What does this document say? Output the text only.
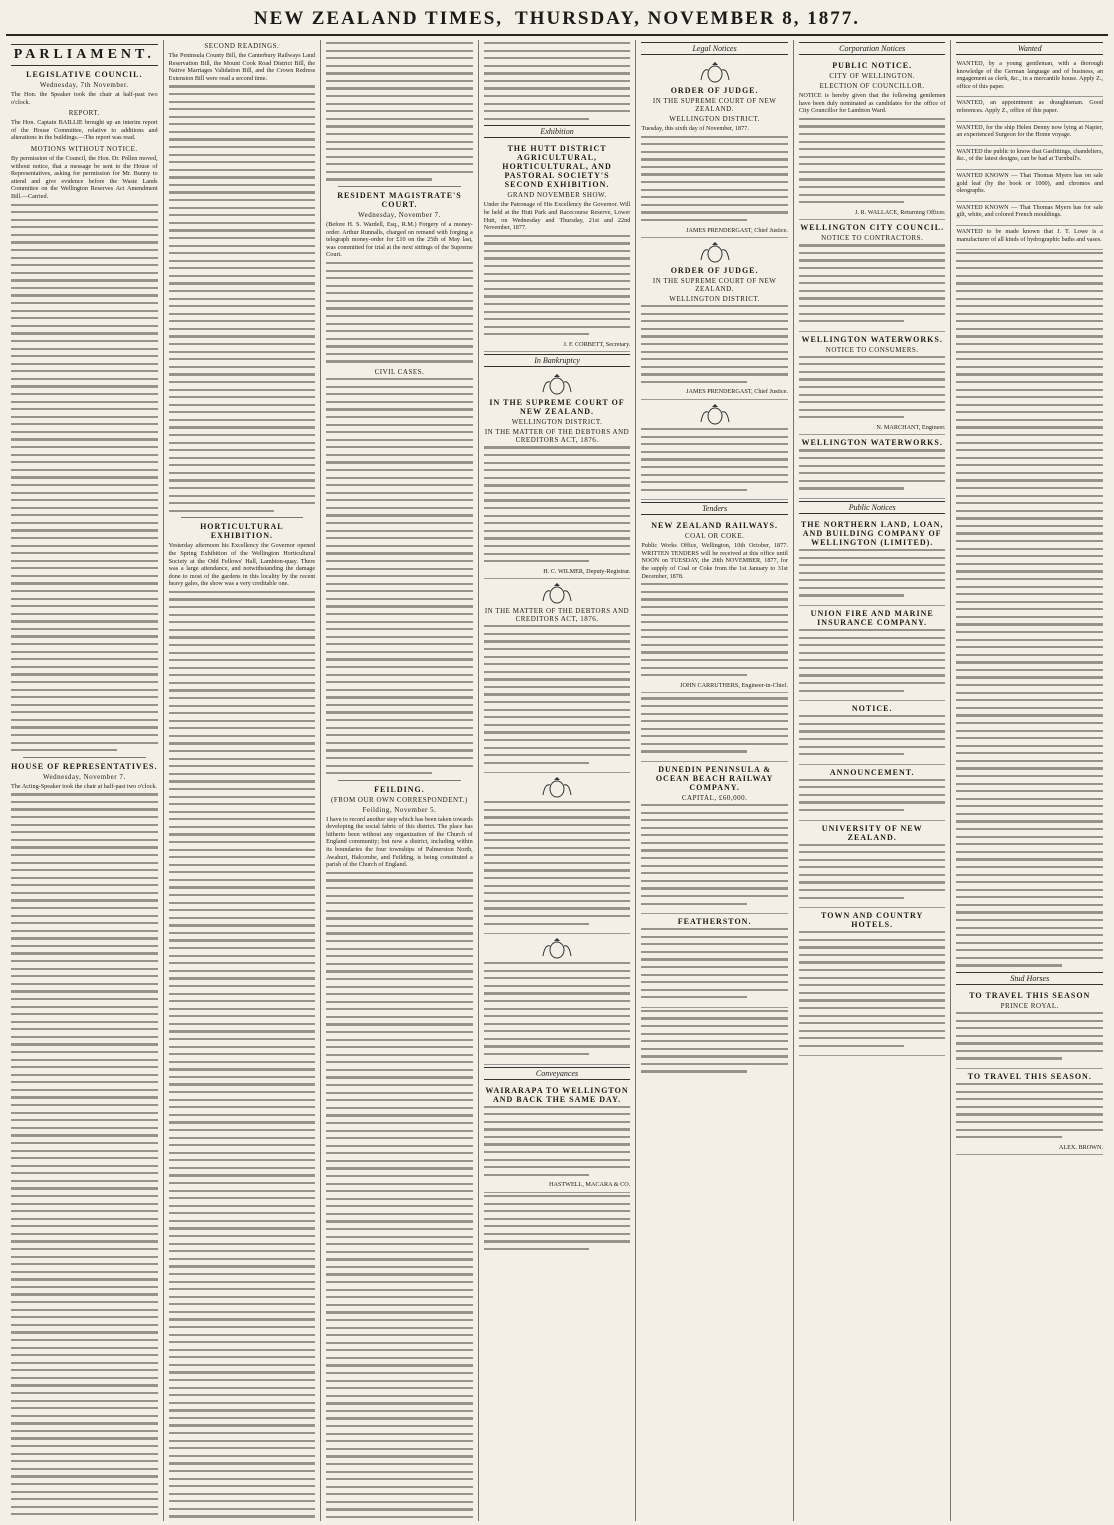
NEW ZEALAND TIMES, THURSDAY, NOVEMBER 8, 1877.
PARLIAMENT.
LEGISLATIVE COUNCIL.
Wednesday, 7th November.

The Hon. the Speaker took the chair at half-past two o'clock.

REPORT.

The Hon. Captain BAILLIE brought up an interim report of the House Committee, relative to additions and alterations in the buildings.—The report was read.

MOTIONS WITHOUT NOTICE.

By permission of the Council, the Hon. Dr. Pollen moved, without notice, that a message be sent to the House of Representatives, asking for permission for Mr. Bunny to attend and give evidence before the Waste Lands Committee on the Wellington Reserves Act Amendment Bill.—Carried.

HOUSE OF REPRESENTATIVES.
Wednesday, November 7.

The Acting-Speaker took the chair at half-past two o'clock.

SECOND READINGS.

The Peninsula County Bill, the Canterbury Railways Land Reservation Bill, the Mount Cook Road District Bill, the Native Marriages Validation Bill, and the Crown Redress Extension Bill were read a second time.

HORTICULTURAL EXHIBITION.

Yesterday afternoon his Excellency the Governor opened the Spring Exhibition of the Wellington Horticultural Society at the Odd Fellows' Hall, Lambton-quay. There was a large attendance, and notwithstanding the damage done to most of the gardens in this locality by the recent heavy gales, the show was a very creditable one.

RESIDENT MAGISTRATE'S COURT.
Wednesday, November 7.

(Before H. S. Wardell, Esq., R.M.) Forgery of a money-order. Arthur Runnalls, charged on remand with forging a telegraph money-order for £10 on the 25th of May last, was committed for trial at the next sittings of the Supreme Court.

CIVIL CASES.
FEILDING.
(FROM OUR OWN CORRESPONDENT.)
Feilding, November 5.

I have to record another step which has been taken towards developing the social fabric of this district. The place has hitherto been without any organization of the Church of England community; but now a district, including within its boundaries the four townships of Palmerston North, Awahuri, Halcombe, and Feilding, is being constituted a parish of the Church of England.

Exhibition
THE HUTT DISTRICT AGRICULTURAL, HORTICULTURAL, AND PASTORAL SOCIETY'S SECOND EXHIBITION.
GRAND NOVEMBER SHOW.

Under the Patronage of His Excellency the Governor. Will be held at the Hutt Park and Racecourse Reserve, Lower Hutt, on Wednesday and Thursday, 21st and 22nd November, 1877.

J. F. CORBETT, Secretary.
In Bankruptcy
IN THE SUPREME COURT OF NEW ZEALAND.
WELLINGTON DISTRICT.
IN THE MATTER OF THE DEBTORS AND CREDITORS ACT, 1876.
H. C. WILMER, Deputy-Registrar.
IN THE MATTER OF THE DEBTORS AND CREDITORS ACT, 1876.
Conveyances
WAIRARAPA TO WELLINGTON AND BACK THE SAME DAY.
HASTWELL, MACARA & CO.
Legal Notices
ORDER OF JUDGE.
IN THE SUPREME COURT OF NEW ZEALAND.
WELLINGTON DISTRICT.

Tuesday, this sixth day of November, 1877.

JAMES PRENDERGAST, Chief Justice.
ORDER OF JUDGE.
IN THE SUPREME COURT OF NEW ZEALAND.
WELLINGTON DISTRICT.
JAMES PRENDERGAST, Chief Justice.
Tenders
NEW ZEALAND RAILWAYS.
COAL OR COKE.

Public Works Office, Wellington, 10th October, 1877. WRITTEN TENDERS will be received at this office until NOON on TUESDAY, the 20th NOVEMBER, 1877, for the supply of Coal or Coke from the 1st January to 31st December, 1878.

JOHN CARRUTHERS, Engineer-in-Chief.
DUNEDIN PENINSULA & OCEAN BEACH RAILWAY COMPANY.
CAPITAL, £60,000.
FEATHERSTON.
Corporation Notices
PUBLIC NOTICE.
CITY OF WELLINGTON.
ELECTION OF COUNCILLOR.

NOTICE is hereby given that the following gentlemen have been duly nominated as candidates for the office of City Councillor for Lambton Ward.

J. R. WALLACE, Returning Officer.
WELLINGTON CITY COUNCIL.
NOTICE TO CONTRACTORS.
WELLINGTON WATERWORKS.
NOTICE TO CONSUMERS.
N. MARCHANT, Engineer.
WELLINGTON WATERWORKS.
Public Notices
THE NORTHERN LAND, LOAN, AND BUILDING COMPANY OF WELLINGTON (LIMITED).
UNION FIRE AND MARINE INSURANCE COMPANY.
NOTICE.
ANNOUNCEMENT.
UNIVERSITY OF NEW ZEALAND.
TOWN AND COUNTRY HOTELS.
Wanted

WANTED, by a young gentleman, with a thorough knowledge of the German language and of business, an engagement as clerk, &c., in a mercantile house. Apply Z., office of this paper.

WANTED, an appointment as draughtsman. Good references. Apply Z., office of this paper.

WANTED, for the ship Helen Denny now lying at Napier, an experienced Surgeon for the Home voyage.

WANTED the public to know that Gasfittings, chandeliers, &c., of the latest designs, can be had at Turnbull's.

WANTED KNOWN — That Thomas Myers has on sale gold leaf (by the book or 1000), and chromos and oleographs.

WANTED KNOWN — That Thomas Myers has for sale gilt, white, and colored French mouldings.

WANTED to be made known that J. T. Lowe is a manufacturer of all kinds of hydrographic baths and vases.

Stud Horses
TO TRAVEL THIS SEASON
PRINCE ROYAL.
TO TRAVEL THIS SEASON.
ALEX. BROWN.
